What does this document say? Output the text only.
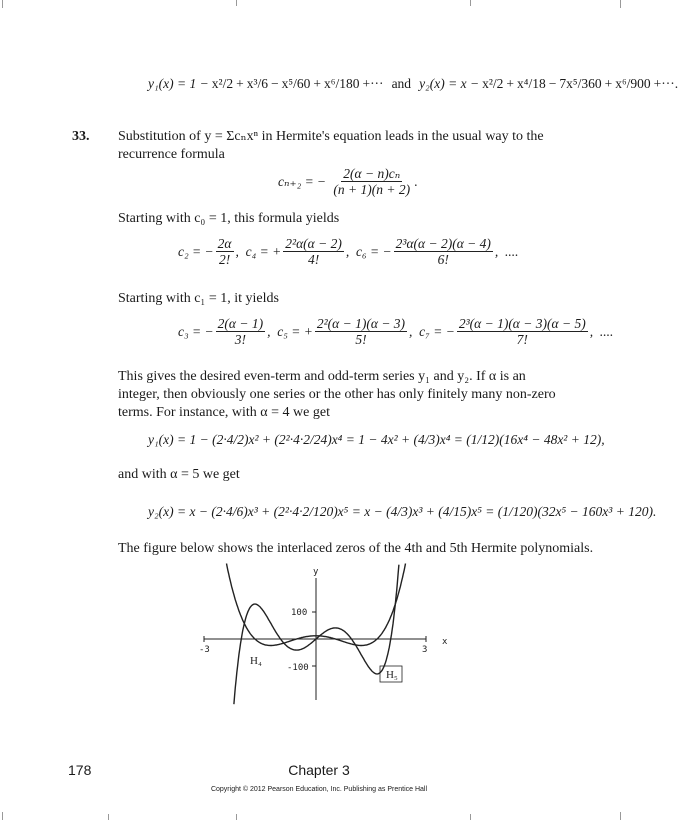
y₁(x) = 1 − x²/2 + x³/6 − x⁵/60 + x⁶/180 +··· and y₂(x) = x − x²/2 + x⁴/18 − 7x⁵/360 + x⁶/900 +···.
33. Substitution of y = Σcₙxⁿ in Hermite's equation leads in the usual way to the recurrence formula
cₙ₊₂ = − $\frac{\text{2(α − n)cₙ}}{(n + 1)(n + 2)}$ .
Starting with c₀ = 1, this formula yields
c₂ = − $\frac{2\alpha}{2!}$ ,  c₄ = + $\frac{\text{2²α(α − 2)}}{4!}$ ,  c₆ = − $\frac{\text{2³α(α − 2)(α − 4)}}{6!}$ ,  ....
Starting with c₁ = 1, it yields
c₃ = − $\frac{2(\alpha - 1)}{3!}$ ,  c₅ = + $\frac{\text{2²(α − 1)(α − 3)}}{5!}$ ,  c₇ = − $\frac{\text{2³(α − 1)(α − 3)(α − 5)}}{7!}$ ,  ....
This gives the desired even-term and odd-term series y₁ and y₂. If α is an integer, then obviously one series or the other has only finitely many non-zero terms. For instance, with α = 4 we get
y₁(x) = 1 − (2·4/2)x² + (2²·4·2/24)x⁴ = 1 − 4x² + (4/3)x⁴ = (1/12)(16x⁴ − 48x² + 12),
and with α = 5 we get
y₂(x) = x − (2·4/6)x³ + (2²·4·2/120)x⁵ = x − (4/3)x³ + (4/15)x⁵ = (1/120)(32x⁵ − 160x³ + 120).
The figure below shows the interlaced zeros of the 4th and 5th Hermite polynomials.
y
x
100
-100
-3	3
H₄
H₅
178	Chapter 3
Copyright © 2012 Pearson Education, Inc. Publishing as Prentice Hall
